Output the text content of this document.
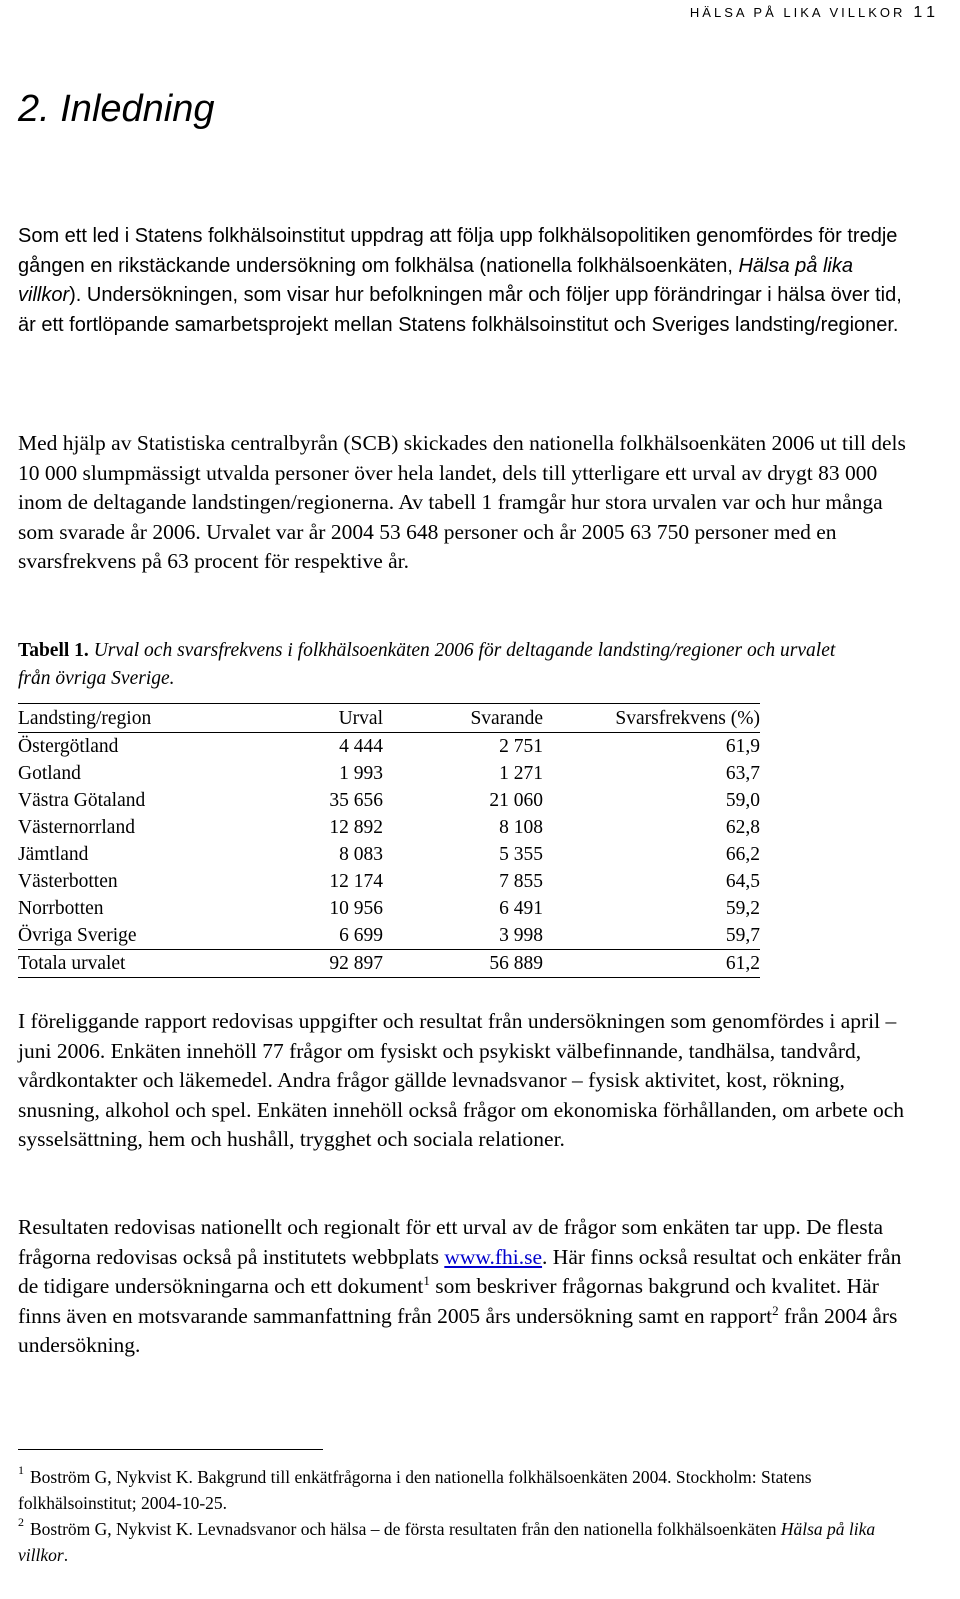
HÄLSA PÅ LIKA VILLKOR 11
2. Inledning

Som ett led i Statens folkhälsoinstitut uppdrag att följa upp folkhälsopolitiken genomfördes för tredje gången en rikstäckande undersökning om folkhälsa (nationella folkhälsoenkäten, Hälsa på lika villkor). Undersökningen, som visar hur befolkningen mår och följer upp förändringar i hälsa över tid, är ett fortlöpande samarbetsprojekt mellan Statens folkhälsoinstitut och Sveriges landsting/regioner.

Med hjälp av Statistiska centralbyrån (SCB) skickades den nationella folkhälsoenkäten 2006 ut till dels 10 000 slumpmässigt utvalda personer över hela landet, dels till ytterligare ett urval av drygt 83 000 inom de deltagande landstingen/regionerna. Av tabell 1 framgår hur stora urvalen var och hur många som svarade år 2006. Urvalet var år 2004 53 648 personer och år 2005 63 750 personer med en svarsfrekvens på 63 procent för respektive år.

Tabell 1. Urval och svarsfrekvens i folkhälsoenkäten 2006 för deltagande landsting/regioner och urvalet från övriga Sverige.

Landsting/region	Urval	Svarande	Svarsfrekvens (%)
Östergötland	4 444	2 751	61,9
Gotland	1 993	1 271	63,7
Västra Götaland	35 656	21 060	59,0
Västernorrland	12 892	8 108	62,8
Jämtland	8 083	5 355	66,2
Västerbotten	12 174	7 855	64,5
Norrbotten	10 956	6 491	59,2
Övriga Sverige	6 699	3 998	59,7
Totala urvalet	92 897	56 889	61,2

I föreliggande rapport redovisas uppgifter och resultat från undersökningen som genomfördes i april – juni 2006. Enkäten innehöll 77 frågor om fysiskt och psykiskt välbefinnande, tandhälsa, tandvård, vårdkontakter och läkemedel. Andra frågor gällde levnadsvanor – fysisk aktivitet, kost, rökning, snusning, alkohol och spel. Enkäten innehöll också frågor om ekonomiska förhållanden, om arbete och sysselsättning, hem och hushåll, trygghet och sociala relationer.

Resultaten redovisas nationellt och regionalt för ett urval av de frågor som enkäten tar upp. De flesta frågorna redovisas också på institutets webbplats www.fhi.se. Här finns också resultat och enkäter från de tidigare undersökningarna och ett dokument$^1$ som beskriver frågornas bakgrund och kvalitet. Här finns även en motsvarande sammanfattning från 2005 års undersökning samt en rapport$^2$ från 2004 års undersökning.

$^1$ Boström G, Nykvist K. Bakgrund till enkätfrågorna i den nationella folkhälsoenkäten 2004. Stockholm: Statens folkhälsoinstitut; 2004-10-25.

$^2$ Boström G, Nykvist K. Levnadsvanor och hälsa – de första resultaten från den nationella folkhälsoenkäten Hälsa på lika villkor.
